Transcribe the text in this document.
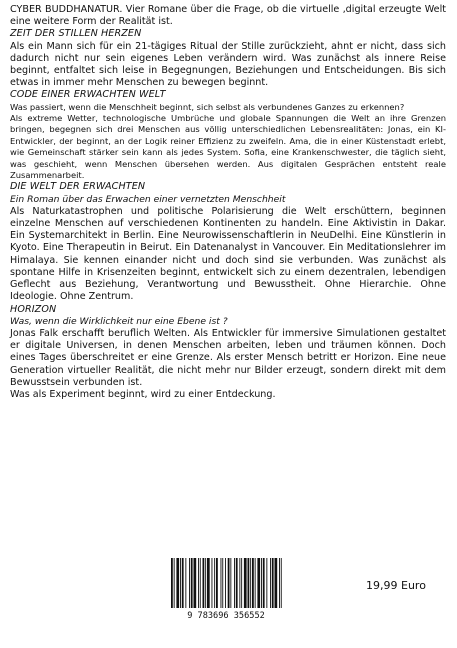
CYBER BUDDHANATUR. Vier Romane über die Frage, ob die virtuelle ‚digital erzeugte Welt eine weitere Form der Realität ist.

ZEIT DER STILLEN HERZEN

Als ein Mann sich für ein 21-tägiges Ritual der Stille zurückzieht, ahnt er nicht, dass sich dadurch nicht nur sein eigenes Leben verändern wird. Was zunächst als innere Reise beginnt, entfaltet sich leise in Begegnungen, Beziehungen und Entscheidungen. Bis sich etwas in immer mehr Menschen zu bewegen beginnt.

CODE EINER ERWACHTEN WELT

Was passiert, wenn die Menschheit beginnt, sich selbst als verbundenes Ganzes zu erkennen?

Als extreme Wetter, technologische Umbrüche und globale Spannungen die Welt an ihre Grenzen bringen, begegnen sich drei Menschen aus völlig unterschiedlichen Lebensrealitäten: Jonas, ein KI-Entwickler, der beginnt, an der Logik reiner Effizienz zu zweifeln. Ama, die in einer Küstenstadt erlebt, wie Gemeinschaft stärker sein kann als jedes System. Sofia, eine Krankenschwester, die täglich sieht, was geschieht, wenn Menschen übersehen werden. Aus digitalen Gesprächen entsteht reale Zusammenarbeit.

DIE WELT DER ERWACHTEN
Ein Roman über das Erwachen einer vernetzten Menschheit

Als Naturkatastrophen und politische Polarisierung die Welt erschüttern, beginnen einzelne Menschen auf verschiedenen Kontinenten zu handeln. Eine Aktivistin in Dakar. Ein Systemarchitekt in Berlin. Eine Neurowissenschaftlerin in NeuDelhi. Eine Künstlerin in Kyoto. Eine Therapeutin in Beirut. Ein Datenanalyst in Vancouver. Ein Meditationslehrer im Himalaya. Sie kennen einander nicht und doch sind sie verbunden. Was zunächst als spontane Hilfe in Krisenzeiten beginnt, entwickelt sich zu einem dezentralen, lebendigen Geflecht aus Beziehung, Verantwortung und Bewusstheit. Ohne Hierarchie. Ohne Ideologie. Ohne Zentrum.

HORIZON
Was, wenn die Wirklichkeit nur eine Ebene ist ?

Jonas Falk erschafft beruflich Welten. Als Entwickler für immersive Simulationen gestaltet er digitale Universen, in denen Menschen arbeiten, leben und träumen können. Doch eines Tages überschreitet er eine Grenze. Als erster Mensch betritt er Horizon. Eine neue Generation virtueller Realität, die nicht mehr nur Bilder erzeugt, sondern direkt mit dem Bewusstsein verbunden ist.

Was als Experiment beginnt, wird zu einer Entdeckung.

9 783696 356552
19,99 Euro
